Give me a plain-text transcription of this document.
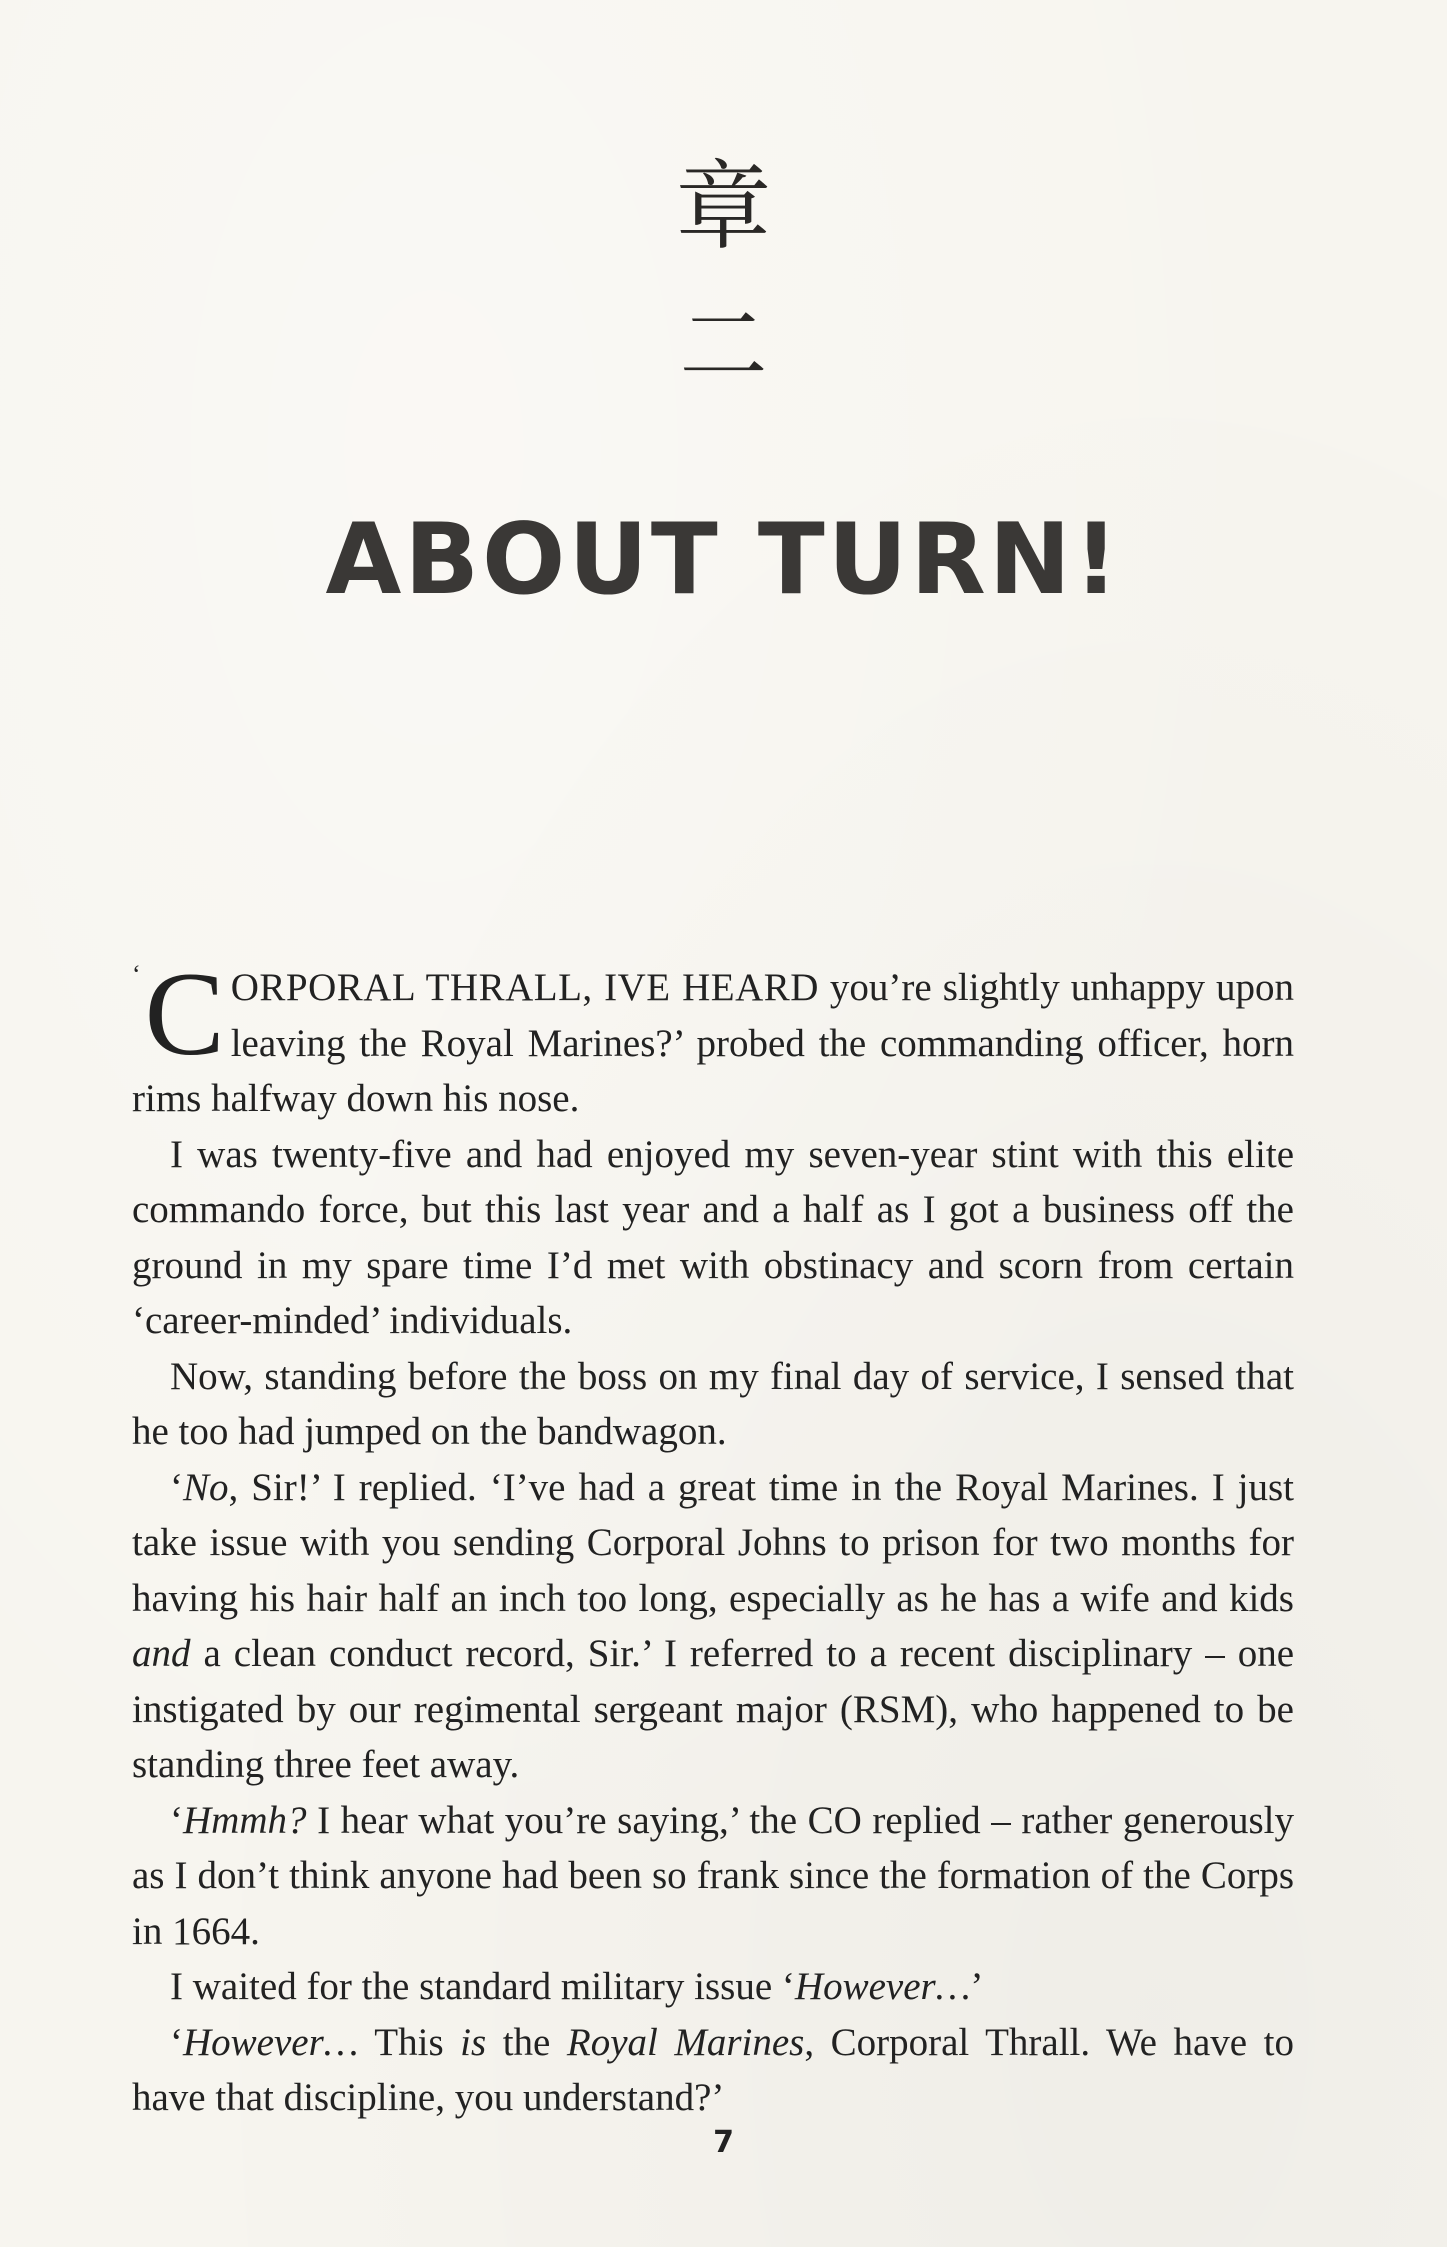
章
二
ABOUT TURN!

‘ C ORPORAL THRALL, IVE HEARD you’re slightly unhappy upon leaving the Royal Marines?’ probed the commanding officer, horn rims halfway down his nose.

I was twenty-five and had enjoyed my seven-year stint with this elite commando force, but this last year and a half as I got a business off the ground in my spare time I’d met with obstinacy and scorn from certain ‘career-minded’ individuals.

Now, standing before the boss on my final day of service, I sensed that he too had jumped on the bandwagon.

‘No, Sir!’ I replied. ‘I’ve had a great time in the Royal Marines. I just take issue with you sending Corporal Johns to prison for two months for having his hair half an inch too long, especially as he has a wife and kids and a clean conduct record, Sir.’ I referred to a recent disciplinary – one instigated by our regimental sergeant major (RSM), who happened to be standing three feet away.

‘Hmmh? I hear what you’re saying,’ the CO replied – rather generously as I don’t think anyone had been so frank since the formation of the Corps in 1664.

I waited for the standard military issue ‘However…’

‘However… This is the Royal Marines, Corporal Thrall. We have to have that discipline, you understand?’

7
